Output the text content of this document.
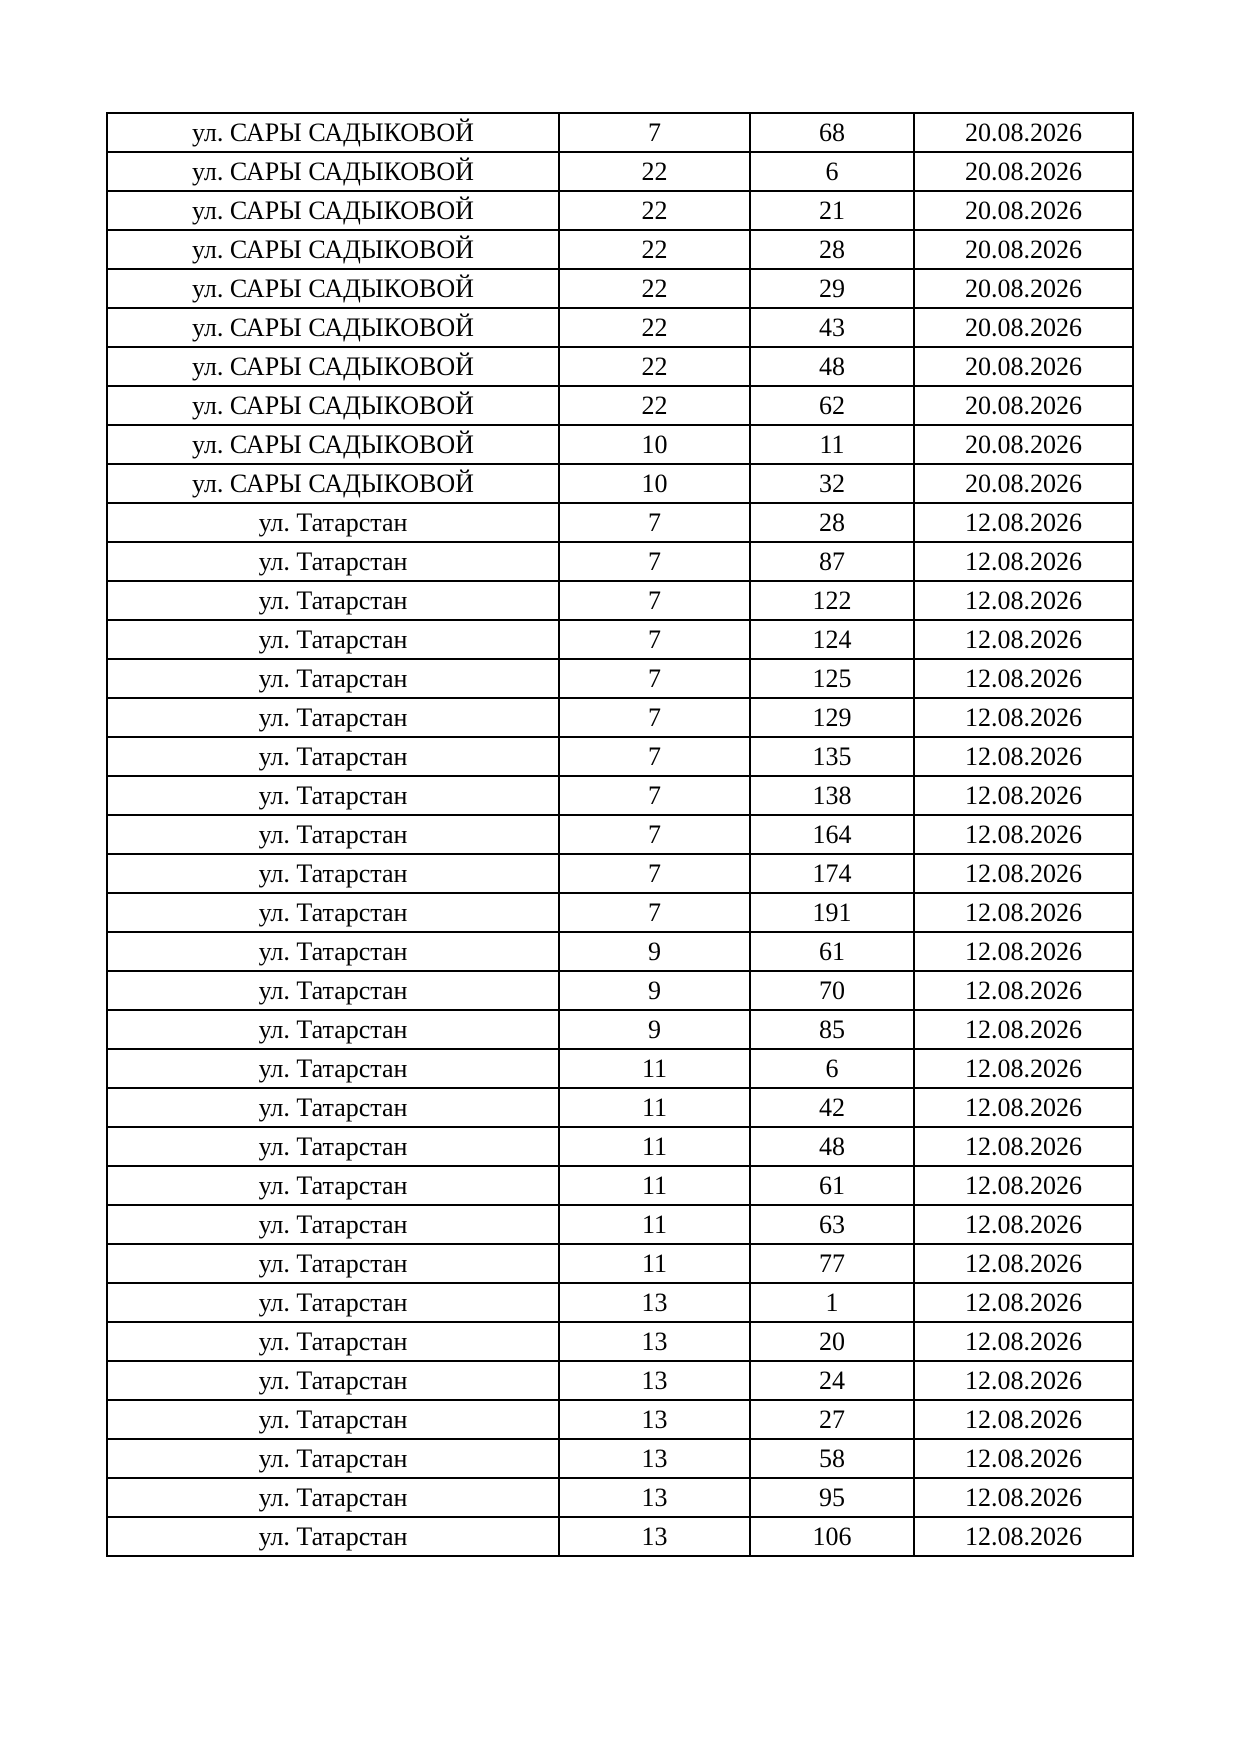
ул. САРЫ САДЫКОВОЙ	7	68	20.08.2026
ул. САРЫ САДЫКОВОЙ	22	6	20.08.2026
ул. САРЫ САДЫКОВОЙ	22	21	20.08.2026
ул. САРЫ САДЫКОВОЙ	22	28	20.08.2026
ул. САРЫ САДЫКОВОЙ	22	29	20.08.2026
ул. САРЫ САДЫКОВОЙ	22	43	20.08.2026
ул. САРЫ САДЫКОВОЙ	22	48	20.08.2026
ул. САРЫ САДЫКОВОЙ	22	62	20.08.2026
ул. САРЫ САДЫКОВОЙ	10	11	20.08.2026
ул. САРЫ САДЫКОВОЙ	10	32	20.08.2026
ул. Татарстан	7	28	12.08.2026
ул. Татарстан	7	87	12.08.2026
ул. Татарстан	7	122	12.08.2026
ул. Татарстан	7	124	12.08.2026
ул. Татарстан	7	125	12.08.2026
ул. Татарстан	7	129	12.08.2026
ул. Татарстан	7	135	12.08.2026
ул. Татарстан	7	138	12.08.2026
ул. Татарстан	7	164	12.08.2026
ул. Татарстан	7	174	12.08.2026
ул. Татарстан	7	191	12.08.2026
ул. Татарстан	9	61	12.08.2026
ул. Татарстан	9	70	12.08.2026
ул. Татарстан	9	85	12.08.2026
ул. Татарстан	11	6	12.08.2026
ул. Татарстан	11	42	12.08.2026
ул. Татарстан	11	48	12.08.2026
ул. Татарстан	11	61	12.08.2026
ул. Татарстан	11	63	12.08.2026
ул. Татарстан	11	77	12.08.2026
ул. Татарстан	13	1	12.08.2026
ул. Татарстан	13	20	12.08.2026
ул. Татарстан	13	24	12.08.2026
ул. Татарстан	13	27	12.08.2026
ул. Татарстан	13	58	12.08.2026
ул. Татарстан	13	95	12.08.2026
ул. Татарстан	13	106	12.08.2026
